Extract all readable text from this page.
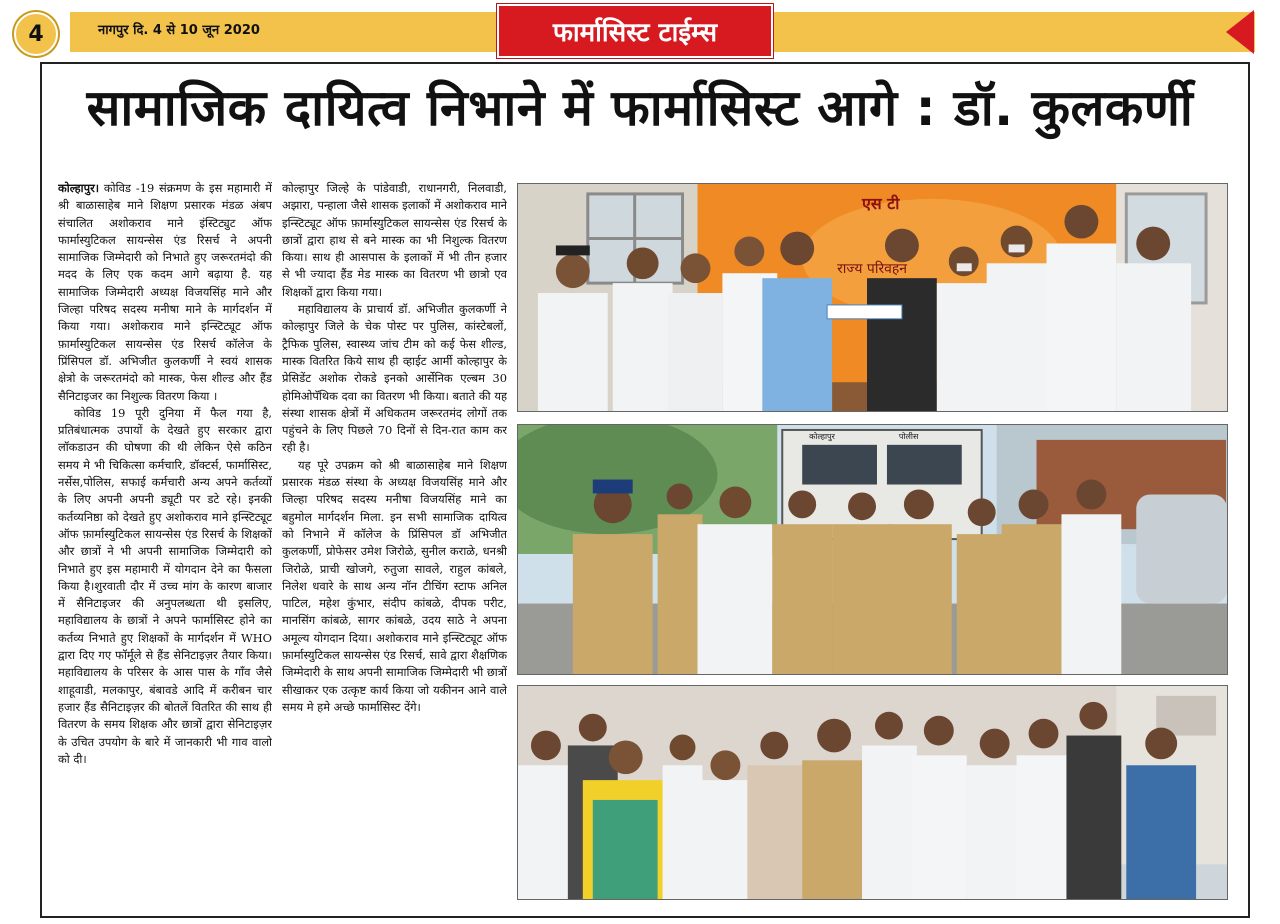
4	नागपुर दि. 4 से 10 जून 2020	फार्मासिस्ट टाईम्स
सामाजिक दायित्व निभाने में फार्मासिस्ट आगे : डॉ. कुलकर्णी

कोल्हापुर। कोविड -19 संक्रमण के इस महामारी में श्री बाळासाहेब माने शिक्षण प्रसारक मंडळ अंबप संचालित अशोकराव माने इंस्टिट्युट ऑफ फार्मास्युटिकल सायन्सेस एंड रिसर्च ने अपनी सामाजिक जिम्मेदारी को निभाते हुए जरूरतमंदो की मदद के लिए एक कदम आगे बढ़ाया है. यह सामाजिक जिम्मेदारी अध्यक्ष विजयसिंह माने और जिल्हा परिषद सदस्य मनीषा माने के मार्गदर्शन में किया गया। अशोकराव माने इन्स्टिट्यूट ऑफ फ़ार्मास्युटिकल सायन्सेस एंड रिसर्च कॉलेज के प्रिंसिपल डॉ. अभिजीत कुलकर्णी ने स्वयं शासक क्षेत्रो के जरूरतमंदो को मास्क, फेस शील्ड और हैंड सैनिटाइजर का निशुल्क वितरण किया ।

कोविड 19 पूरी दुनिया में फैल गया है, प्रतिबंधात्मक उपायों के देखते हुए सरकार द्वारा लॉकडाउन की घोषणा की थी लेकिन ऐसे कठिन समय मे भी चिकित्सा कर्मचारि, डॉक्टर्स, फार्मासिस्ट, नर्सेस,पोलिस, सफाई कर्मचारी अन्य अपने कर्तव्यों के लिए अपनी अपनी ड्यूटी पर डटे रहे। इनकी कर्तव्यनिष्ठा को देखते हुए अशोकराव माने इन्स्टिट्यूट ऑफ फ़ार्मास्युटिकल सायन्सेस एंड रिसर्च के शिक्षकों और छात्रों ने भी अपनी सामाजिक जिम्मेदारी को निभाते हुए इस महामारी में योगदान देने का फैसला किया है।शुरवाती दौर में उच्च मांग के कारण बाजार में सैनिटाइजर की अनुपलब्धता थी इसलिए, महाविद्यालय के छात्रों ने अपने फार्मासिस्ट होने का कर्तव्य निभाते हुए शिक्षकों के मार्गदर्शन में WHO द्वारा दिए गए फॉर्मूले से हैंड सेनिटाइज़र तैयार किया। महाविद्यालय के परिसर के आस पास के गाँव जैसे शाहूवाडी, मलकापुर, बंबावडे आदि में करीबन चार हजार हैंड सैनिटाइज़र की बोतलें वितरित की साथ ही वितरण के समय शिक्षक और छात्रों द्वारा सेनिटाइज़र के उचित उपयोग के बारे में जानकारी भी गाव वालो को दी।

कोल्हापुर जिल्हे के पांडेवाडी, राधानगरी, निलवाडी, अझारा, पन्हाला जैसे शासक इलाकों में अशोकराव माने इन्स्टिट्यूट ऑफ फ़ार्मास्युटिकल सायन्सेस एंड रिसर्च के छात्रों द्वारा हाथ से बने मास्क का भी निशुल्क वितरण किया। साथ ही आसपास के इलाकों में भी तीन हजार से भी ज्यादा हैंड मेड मास्क का वितरण भी छात्रो एव शिक्षकों द्वारा किया गया।

महाविद्यालय के प्राचार्य डॉ. अभिजीत कुलकर्णी ने कोल्हापुर जिले के चेक पोस्ट पर पुलिस, कांस्टेबलों, ट्रैफिक पुलिस, स्वास्थ्य जांच टीम को कई फेस शील्ड, मास्क वितरित किये साथ ही व्हाईट आर्मी कोल्हापुर के प्रेसिडेंट अशोक रोकडे इनको आर्सेनिक एल्बम 30 होमिओपॅथिक दवा का वितरण भी किया। बताते की यह संस्था शासक क्षेत्रों में अधिकतम जरूरतमंद लोगों तक पहुंचने के लिए पिछले 70 दिनों से दिन-रात काम कर रही है।

यह पूरे उपक्रम को श्री बाळासाहेब माने शिक्षण प्रसारक मंडळ संस्था के अध्यक्ष विजयसिंह माने और जिल्हा परिषद सदस्य मनीषा विजयसिंह माने का बहुमोल मार्गदर्शन मिला. इन सभी सामाजिक दायित्व को निभाने में कॉलेज के प्रिंसिपल डॉ अभिजीत कुलकर्णी, प्रोफेसर उमेश जिरोळे, सुनील कराळे, धनश्री जिरोळे, प्राची खोजगे, रुतुजा सावले, राहुल कांबले, निलेश धवारे के साथ अन्य नॉन टीचिंग स्टाफ अनिल पाटिल, महेश कुंभार, संदीप कांबळे, दीपक परीट, मानसिंग कांबळे, सागर कांबळे, उदय साठे ने अपना अमूल्य योगदान दिया। अशोकराव माने इन्स्टिट्यूट ऑफ फ़ार्मास्युटिकल सायन्सेस एंड रिसर्च, सावे द्वारा शैक्षणिक जिम्मेदारी के साथ अपनी सामाजिक जिम्मेदारी भी छात्रों सीखाकर एक उत्कृष्ट कार्य किया जो यकीनन आने वाले समय मे हमे अच्छे फार्मासिस्ट देंगे।

एस टी
राज्य परिवहन
कोल्हापुर	पोलीस
